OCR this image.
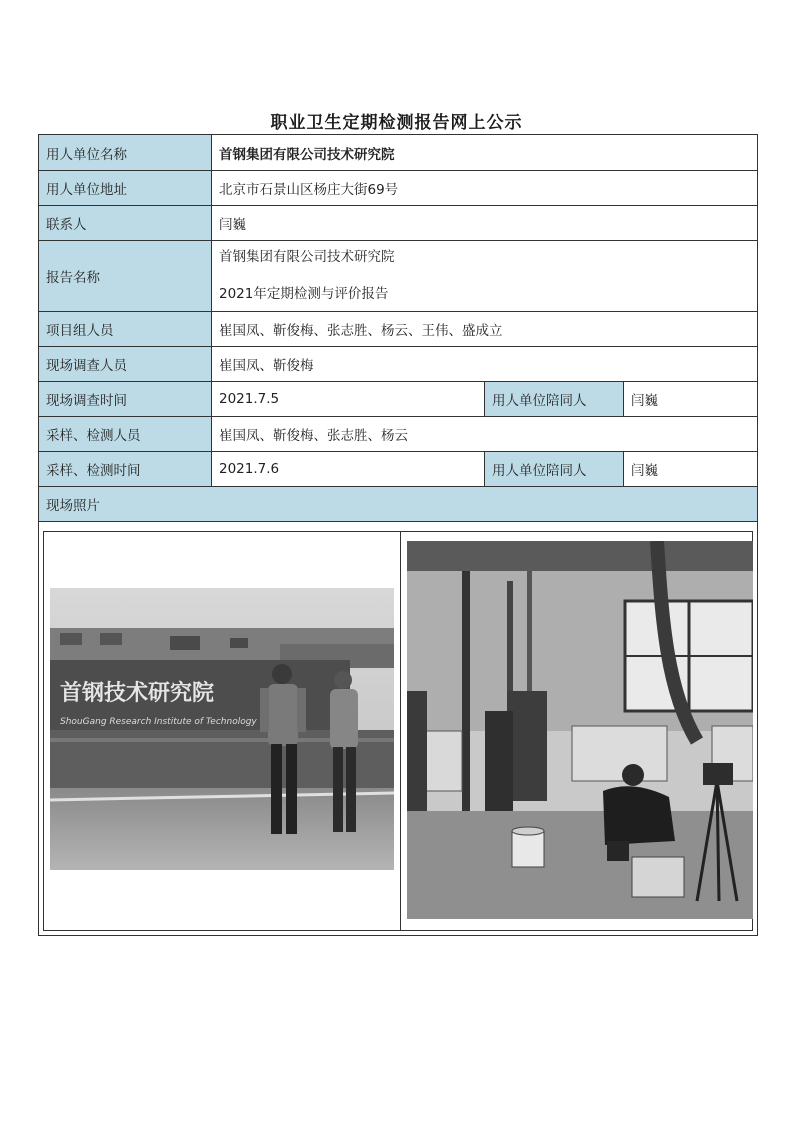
职业卫生定期检测报告网上公示
用人单位名称	首钢集团有限公司技术研究院		
用人单位地址	北京市石景山区杨庄大街69号		
联系人	闫巍		
报告名称	首钢集团有限公司技术研究院
2021年定期检测与评价报告		

项目组人员	崔国凤、靳俊梅、张志胜、杨云、王伟、盛成立		
现场调查人员	崔国凤、靳俊梅		
现场调查时间	2021.7.5	用人单位陪同人	闫巍
采样、检测人员	崔国凤、靳俊梅、张志胜、杨云		
采样、检测时间	2021.7.6	用人单位陪同人	闫巍
现场照片			

首钢技术研究院
ShouGang Research Institute of Technology			
